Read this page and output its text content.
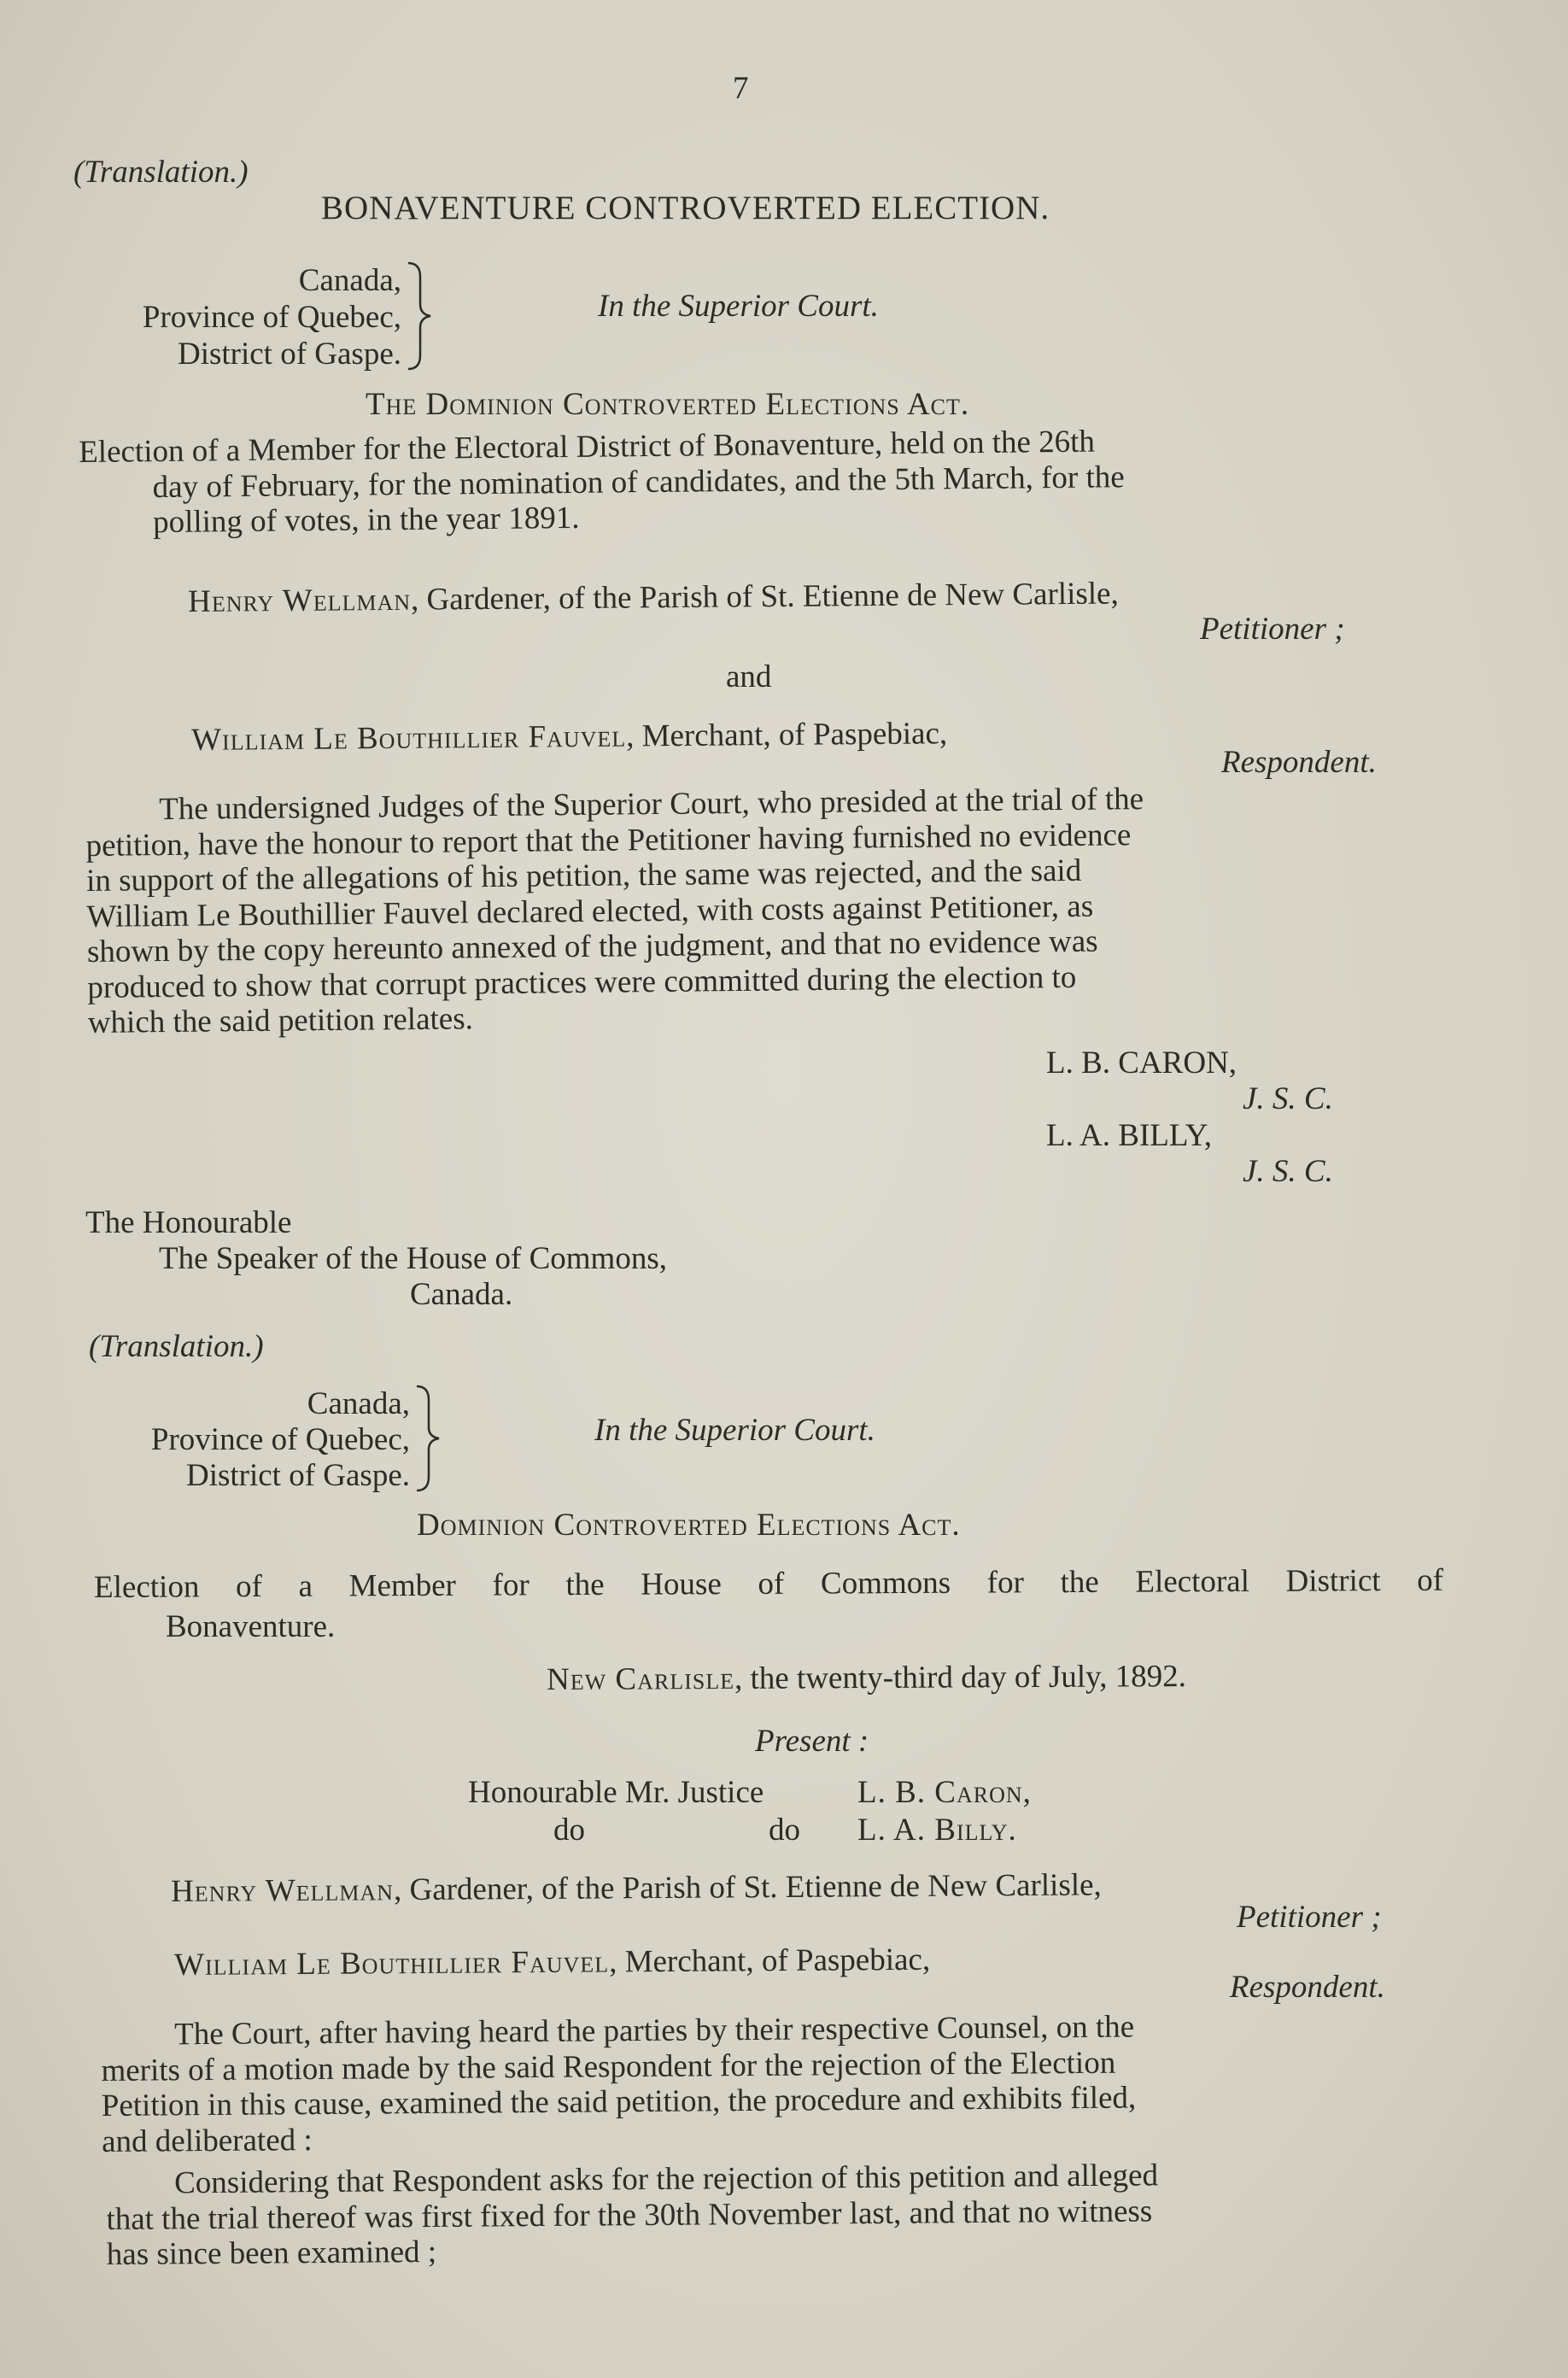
7
(Translation.)
BONAVENTURE CONTROVERTED ELECTION.
Canada,
Province of Quebec,
District of Gaspe.
In the Superior Court.
The Dominion Controverted Elections Act.
Election of a Member for the Electoral District of Bonaventure, held on the 26th
day of February, for the nomination of candidates, and the 5th March, for the
polling of votes, in the year 1891.
Henry Wellman, Gardener, of the Parish of St. Etienne de New Carlisle,
Petitioner ;
and
William Le Bouthillier Fauvel, Merchant, of Paspebiac,
Respondent.
The undersigned Judges of the Superior Court, who presided at the trial of the
petition, have the honour to report that the Petitioner having furnished no evidence
in support of the allegations of his petition, the same was rejected, and the said
William Le Bouthillier Fauvel declared elected, with costs against Petitioner, as
shown by the copy hereunto annexed of the judgment, and that no evidence was
produced to show that corrupt practices were committed during the election to
which the said petition relates.
L. B. CARON,
J. S. C.
L. A. BILLY,
J. S. C.
The Honourable
The Speaker of the House of Commons,
Canada.
(Translation.)
Canada,
Province of Quebec,
District of Gaspe.
In the Superior Court.
Dominion Controverted Elections Act.
Election of a Member for the House of Commons for the Electoral District of
Bonaventure.
New Carlisle, the twenty-third day of July, 1892.
Present :
Honourable Mr. Justice	L. B. Caron,
do	do L. A. Billy.
Henry Wellman, Gardener, of the Parish of St. Etienne de New Carlisle,
Petitioner ;
William Le Bouthillier Fauvel, Merchant, of Paspebiac,
Respondent.
The Court, after having heard the parties by their respective Counsel, on the
merits of a motion made by the said Respondent for the rejection of the Election
Petition in this cause, examined the said petition, the procedure and exhibits filed,
and deliberated :
Considering that Respondent asks for the rejection of this petition and alleged
that the trial thereof was first fixed for the 30th November last, and that no witness
has since been examined ;
